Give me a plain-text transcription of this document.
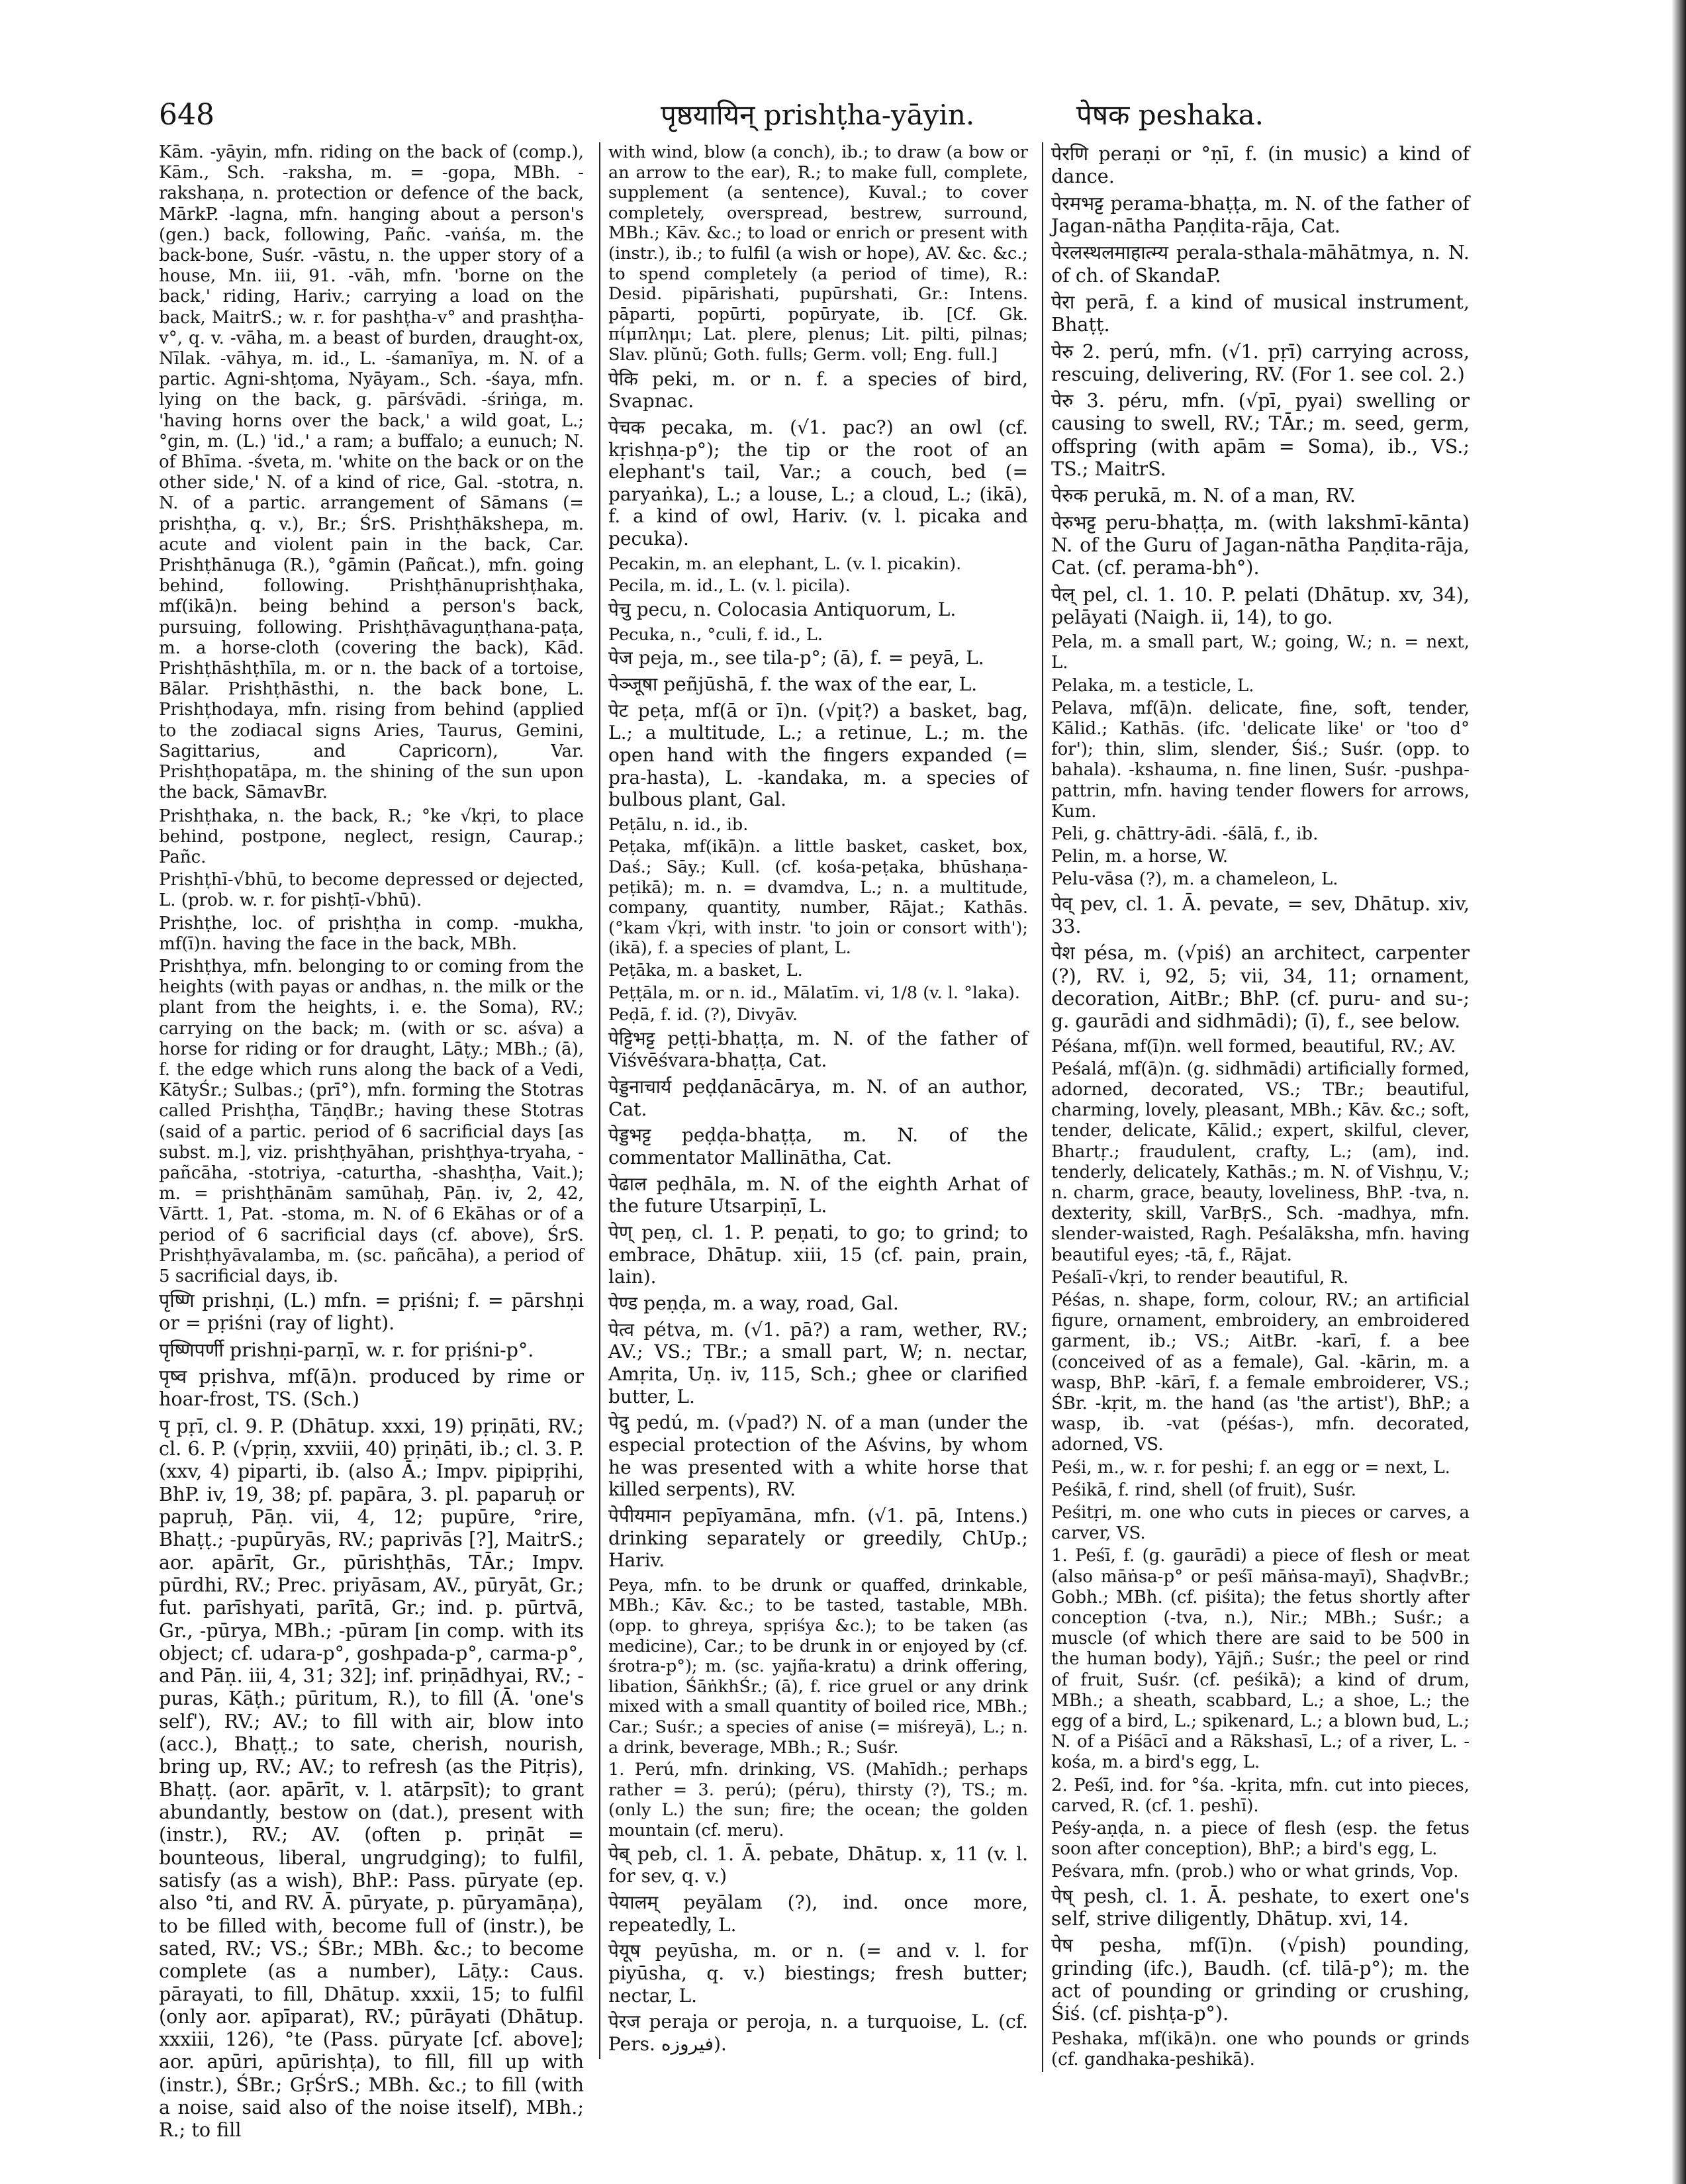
648	पृष्ठयायिन् prishṭha-yāyin.	पेषक peshaka.

Kām. -yāyin, mfn. riding on the back of (comp.), Kām., Sch. -raksha, m. = -gopa, MBh. -rakshaṇa, n. protection or defence of the back, MārkP. -lagna, mfn. hanging about a person's (gen.) back, following, Pañc. -vaṅśa, m. the back-bone, Suśr. -vāstu, n. the upper story of a house, Mn. iii, 91. -vāh, mfn. 'borne on the back,' riding, Hariv.; carrying a load on the back, MaitrS.; w. r. for pashṭha-v° and prashṭha-v°, q. v. -vāha, m. a beast of burden, draught-ox, Nīlak. -vāhya, m. id., L. -śamanīya, m. N. of a partic. Agni-shṭoma, Nyāyam., Sch. -śaya, mfn. lying on the back, g. pārśvādi. -śriṅga, m. 'having horns over the back,' a wild goat, L.; °gin, m. (L.) 'id.,' a ram; a buffalo; a eunuch; N. of Bhīma. -śveta, m. 'white on the back or on the other side,' N. of a kind of rice, Gal. -stotra, n. N. of a partic. arrangement of Sāmans (= prishṭha, q. v.), Br.; ŚrS. Prishṭhākshepa, m. acute and violent pain in the back, Car. Prishṭhānuga (R.), °gāmin (Pañcat.), mfn. going behind, following. Prishṭhānuprishṭhaka, mf(ikā)n. being behind a person's back, pursuing, following. Prishṭhāvaguṇṭhana-paṭa, m. a horse-cloth (covering the back), Kād. Prishṭhāshṭhīla, m. or n. the back of a tortoise, Bālar. Prishṭhāsthi, n. the back bone, L. Prishṭhodaya, mfn. rising from behind (applied to the zodiacal signs Aries, Taurus, Gemini, Sagittarius, and Capricorn), Var. Prishṭhopatāpa, m. the shining of the sun upon the back, SāmavBr.

Prishṭhaka, n. the back, R.; °ke √kṛi, to place behind, postpone, neglect, resign, Caurap.; Pañc.

Prishṭhī-√bhū, to become depressed or dejected, L. (prob. w. r. for pishṭī-√bhū).

Prishṭhe, loc. of prishṭha in comp. -mukha, mf(ī)n. having the face in the back, MBh.

Prishṭhya, mfn. belonging to or coming from the heights (with payas or andhas, n. the milk or the plant from the heights, i. e. the Soma), RV.; carrying on the back; m. (with or sc. aśva) a horse for riding or for draught, Lāṭy.; MBh.; (ā), f. the edge which runs along the back of a Vedi, KātyŚr.; Sulbas.; (prī°), mfn. forming the Stotras called Prishṭha, TāṇḍBr.; having these Stotras (said of a partic. period of 6 sacrificial days [as subst. m.], viz. prishṭhyāhan, prishṭhya-tryaha, -pañcāha, -stotriya, -caturtha, -shashṭha, Vait.); m. = prishṭhānām samūhaḥ, Pāṇ. iv, 2, 42, Vārtt. 1, Pat. -stoma, m. N. of 6 Ekāhas or of a period of 6 sacrificial days (cf. above), ŚrS. Prishṭhyāvalamba, m. (sc. pañcāha), a period of 5 sacrificial days, ib.

पृष्णि prishṇi, (L.) mfn. = pṛiśni; f. = pārshṇi or = pṛiśni (ray of light).

पृष्णिपर्णी prishṇi-parṇī, w. r. for pṛiśni-p°.

पृष्व pṛishva, mf(ā)n. produced by rime or hoar-frost, TS. (Sch.)

पृ pṛī, cl. 9. P. (Dhātup. xxxi, 19) pṛiṇāti, RV.; cl. 6. P. (√pṛiṇ, xxviii, 40) pṛiṇāti, ib.; cl. 3. P. (xxv, 4) piparti, ib. (also Ā.; Impv. pipipṛihi, BhP. iv, 19, 38; pf. papāra, 3. pl. paparuḥ or papruḥ, Pāṇ. vii, 4, 12; pupūre, °rire, Bhaṭṭ.; -pupūryās, RV.; paprivās [?], MaitrS.; aor. apārīt, Gr., pūrishṭhās, TĀr.; Impv. pūrdhi, RV.; Prec. priyāsam, AV., pūryāt, Gr.; fut. parīshyati, parītā, Gr.; ind. p. pūrtvā, Gr., -pūrya, MBh.; -pūram [in comp. with its object; cf. udara-p°, goshpada-p°, carma-p°, and Pāṇ. iii, 4, 31; 32]; inf. priṇādhyai, RV.; -puras, Kāṭh.; pūritum, R.), to fill (Ā. 'one's self'), RV.; AV.; to fill with air, blow into (acc.), Bhaṭṭ.; to sate, cherish, nourish, bring up, RV.; AV.; to refresh (as the Pitṛis), Bhaṭṭ. (aor. apārīt, v. l. atārpsīt); to grant abundantly, bestow on (dat.), present with (instr.), RV.; AV. (often p. priṇāt = bounteous, liberal, ungrudging); to fulfil, satisfy (as a wish), BhP.: Pass. pūryate (ep. also °ti, and RV. Ā. pūryate, p. pūryamāṇa), to be filled with, become full of (instr.), be sated, RV.; VS.; ŚBr.; MBh. &c.; to become complete (as a number), Lāṭy.: Caus. pārayati, to fill, Dhātup. xxxii, 15; to fulfil (only aor. apīparat), RV.; pūrāyati (Dhātup. xxxiii, 126), °te (Pass. pūryate [cf. above]; aor. apūri, apūrishṭa), to fill, fill up with (instr.), ŚBr.; GṛŚrS.; MBh. &c.; to fill (with a noise, said also of the noise itself), MBh.; R.; to fill

with wind, blow (a conch), ib.; to draw (a bow or an arrow to the ear), R.; to make full, complete, supplement (a sentence), Kuval.; to cover completely, overspread, bestrew, surround, MBh.; Kāv. &c.; to load or enrich or present with (instr.), ib.; to fulfil (a wish or hope), AV. &c. &c.; to spend completely (a period of time), R.: Desid. pipārishati, pupūrshati, Gr.: Intens. pāparti, popūrti, popūryate, ib. [Cf. Gk. πίμπλημι; Lat. plere, plenus; Lit. pilti, pilnas; Slav. plŭnŭ; Goth. fulls; Germ. voll; Eng. full.]

पेकि peki, m. or n. f. a species of bird, Svapnac.

पेचक pecaka, m. (√1. pac?) an owl (cf. kṛishṇa-p°); the tip or the root of an elephant's tail, Var.; a couch, bed (= paryaṅka), L.; a louse, L.; a cloud, L.; (ikā), f. a kind of owl, Hariv. (v. l. picaka and pecuka).

Pecakin, m. an elephant, L. (v. l. picakin).

Pecila, m. id., L. (v. l. picila).

पेचु pecu, n. Colocasia Antiquorum, L.

Pecuka, n., °culi, f. id., L.

पेज peja, m., see tila-p°; (ā), f. = peyā, L.

पेञ्जूषा peñjūshā, f. the wax of the ear, L.

पेट peṭa, mf(ā or ī)n. (√piṭ?) a basket, bag, L.; a multitude, L.; a retinue, L.; m. the open hand with the fingers expanded (= pra-hasta), L. -kandaka, m. a species of bulbous plant, Gal.

Peṭālu, n. id., ib.

Peṭaka, mf(ikā)n. a little basket, casket, box, Daś.; Sāy.; Kull. (cf. kośa-peṭaka, bhūshaṇa-peṭikā); m. n. = dvamdva, L.; n. a multitude, company, quantity, number, Rājat.; Kathās. (°kam √kṛi, with instr. 'to join or consort with'); (ikā), f. a species of plant, L.

Peṭāka, m. a basket, L.

Peṭṭāla, m. or n. id., Mālatīm. vi, 1/8 (v. l. °laka).

Peḍā, f. id. (?), Divyāv.

पेट्टिभट्ट peṭṭi-bhaṭṭa, m. N. of the father of Viśvēśvara-bhaṭṭa, Cat.

पेड्डनाचार्य peḍḍanācārya, m. N. of an author, Cat.

पेड्डभट्ट peḍḍa-bhaṭṭa, m. N. of the commentator Mallinātha, Cat.

पेढाल peḍhāla, m. N. of the eighth Arhat of the future Utsarpiṇī, L.

पेण् peṇ, cl. 1. P. peṇati, to go; to grind; to embrace, Dhātup. xiii, 15 (cf. pain, prain, lain).

पेण्ड peṇḍa, m. a way, road, Gal.

पेत्व pétva, m. (√1. pā?) a ram, wether, RV.; AV.; VS.; TBr.; a small part, W; n. nectar, Amṛita, Uṇ. iv, 115, Sch.; ghee or clarified butter, L.

पेदु pedú, m. (√pad?) N. of a man (under the especial protection of the Aśvins, by whom he was presented with a white horse that killed serpents), RV.

पेपीयमान pepīyamāna, mfn. (√1. pā, Intens.) drinking separately or greedily, ChUp.; Hariv.

Peya, mfn. to be drunk or quaffed, drinkable, MBh.; Kāv. &c.; to be tasted, tastable, MBh. (opp. to ghreya, spṛiśya &c.); to be taken (as medicine), Car.; to be drunk in or enjoyed by (cf. śrotra-p°); m. (sc. yajña-kratu) a drink offering, libation, ŚāṅkhŚr.; (ā), f. rice gruel or any drink mixed with a small quantity of boiled rice, MBh.; Car.; Suśr.; a species of anise (= miśreyā), L.; n. a drink, beverage, MBh.; R.; Suśr.

1. Perú, mfn. drinking, VS. (Mahīdh.; perhaps rather = 3. perú); (péru), thirsty (?), TS.; m. (only L.) the sun; fire; the ocean; the golden mountain (cf. meru).

पेब् peb, cl. 1. Ā. pebate, Dhātup. x, 11 (v. l. for sev, q. v.)

पेयालम् peyālam (?), ind. once more, repeatedly, L.

पेयूष peyūsha, m. or n. (= and v. l. for piyūsha, q. v.) biestings; fresh butter; nectar, L.

पेरज peraja or peroja, n. a turquoise, L. (cf. Pers. فیروزه).

पेरणि peraṇi or °ṇī, f. (in music) a kind of dance.

पेरमभट्ट perama-bhaṭṭa, m. N. of the father of Jagan-nātha Paṇḍita-rāja, Cat.

पेरलस्थलमाहात्म्य perala-sthala-māhātmya, n. N. of ch. of SkandaP.

पेरा perā, f. a kind of musical instrument, Bhaṭṭ.

पेरु 2. perú, mfn. (√1. pṛī) carrying across, rescuing, delivering, RV. (For 1. see col. 2.)

पेरु 3. péru, mfn. (√pī, pyai) swelling or causing to swell, RV.; TĀr.; m. seed, germ, offspring (with apām = Soma), ib., VS.; TS.; MaitrS.

पेरुक perukā, m. N. of a man, RV.

पेरुभट्ट peru-bhaṭṭa, m. (with lakshmī-kānta) N. of the Guru of Jagan-nātha Paṇḍita-rāja, Cat. (cf. perama-bh°).

पेल् pel, cl. 1. 10. P. pelati (Dhātup. xv, 34), pelāyati (Naigh. ii, 14), to go.

Pela, m. a small part, W.; going, W.; n. = next, L.

Pelaka, m. a testicle, L.

Pelava, mf(ā)n. delicate, fine, soft, tender, Kālid.; Kathās. (ifc. 'delicate like' or 'too d° for'); thin, slim, slender, Śiś.; Suśr. (opp. to bahala). -kshauma, n. fine linen, Suśr. -pushpa-pattrin, mfn. having tender flowers for arrows, Kum.

Peli, g. chāttry-ādi. -śālā, f., ib.

Pelin, m. a horse, W.

Pelu-vāsa (?), m. a chameleon, L.

पेव् pev, cl. 1. Ā. pevate, = sev, Dhātup. xiv, 33.

पेश pésa, m. (√piś) an architect, carpenter (?), RV. i, 92, 5; vii, 34, 11; ornament, decoration, AitBr.; BhP. (cf. puru- and su-; g. gaurādi and sidhmādi); (ī), f., see below.

Péśana, mf(ī)n. well formed, beautiful, RV.; AV.

Peśalá, mf(ā)n. (g. sidhmādi) artificially formed, adorned, decorated, VS.; TBr.; beautiful, charming, lovely, pleasant, MBh.; Kāv. &c.; soft, tender, delicate, Kālid.; expert, skilful, clever, Bhartṛ.; fraudulent, crafty, L.; (am), ind. tenderly, delicately, Kathās.; m. N. of Vishṇu, V.; n. charm, grace, beauty, loveliness, BhP. -tva, n. dexterity, skill, VarBṛS., Sch. -madhya, mfn. slender-waisted, Ragh. Peśalāksha, mfn. having beautiful eyes; -tā, f., Rājat.

Peśalī-√kṛi, to render beautiful, R.

Péśas, n. shape, form, colour, RV.; an artificial figure, ornament, embroidery, an embroidered garment, ib.; VS.; AitBr. -karī, f. a bee (conceived of as a female), Gal. -kārin, m. a wasp, BhP. -kārī, f. a female embroiderer, VS.; ŚBr. -kṛit, m. the hand (as 'the artist'), BhP.; a wasp, ib. -vat (péśas-), mfn. decorated, adorned, VS.

Peśi, m., w. r. for peshi; f. an egg or = next, L.

Peśikā, f. rind, shell (of fruit), Suśr.

Peśitṛi, m. one who cuts in pieces or carves, a carver, VS.

1. Peśī, f. (g. gaurādi) a piece of flesh or meat (also māṅsa-p° or peśī māṅsa-mayī), ShaḍvBr.; Gobh.; MBh. (cf. piśita); the fetus shortly after conception (-tva, n.), Nir.; MBh.; Suśr.; a muscle (of which there are said to be 500 in the human body), Yājñ.; Suśr.; the peel or rind of fruit, Suśr. (cf. peśikā); a kind of drum, MBh.; a sheath, scabbard, L.; a shoe, L.; the egg of a bird, L.; spikenard, L.; a blown bud, L.; N. of a Piśācī and a Rākshasī, L.; of a river, L. -kośa, m. a bird's egg, L.

2. Peśī, ind. for °śa. -kṛita, mfn. cut into pieces, carved, R. (cf. 1. peshī).

Peśy-aṇḍa, n. a piece of flesh (esp. the fetus soon after conception), BhP.; a bird's egg, L.

Peśvara, mfn. (prob.) who or what grinds, Vop.

पेष् pesh, cl. 1. Ā. peshate, to exert one's self, strive diligently, Dhātup. xvi, 14.

पेष pesha, mf(ī)n. (√pish) pounding, grinding (ifc.), Baudh. (cf. tilā-p°); m. the act of pounding or grinding or crushing, Śiś. (cf. pishṭa-p°).

Peshaka, mf(ikā)n. one who pounds or grinds (cf. gandhaka-peshikā).
